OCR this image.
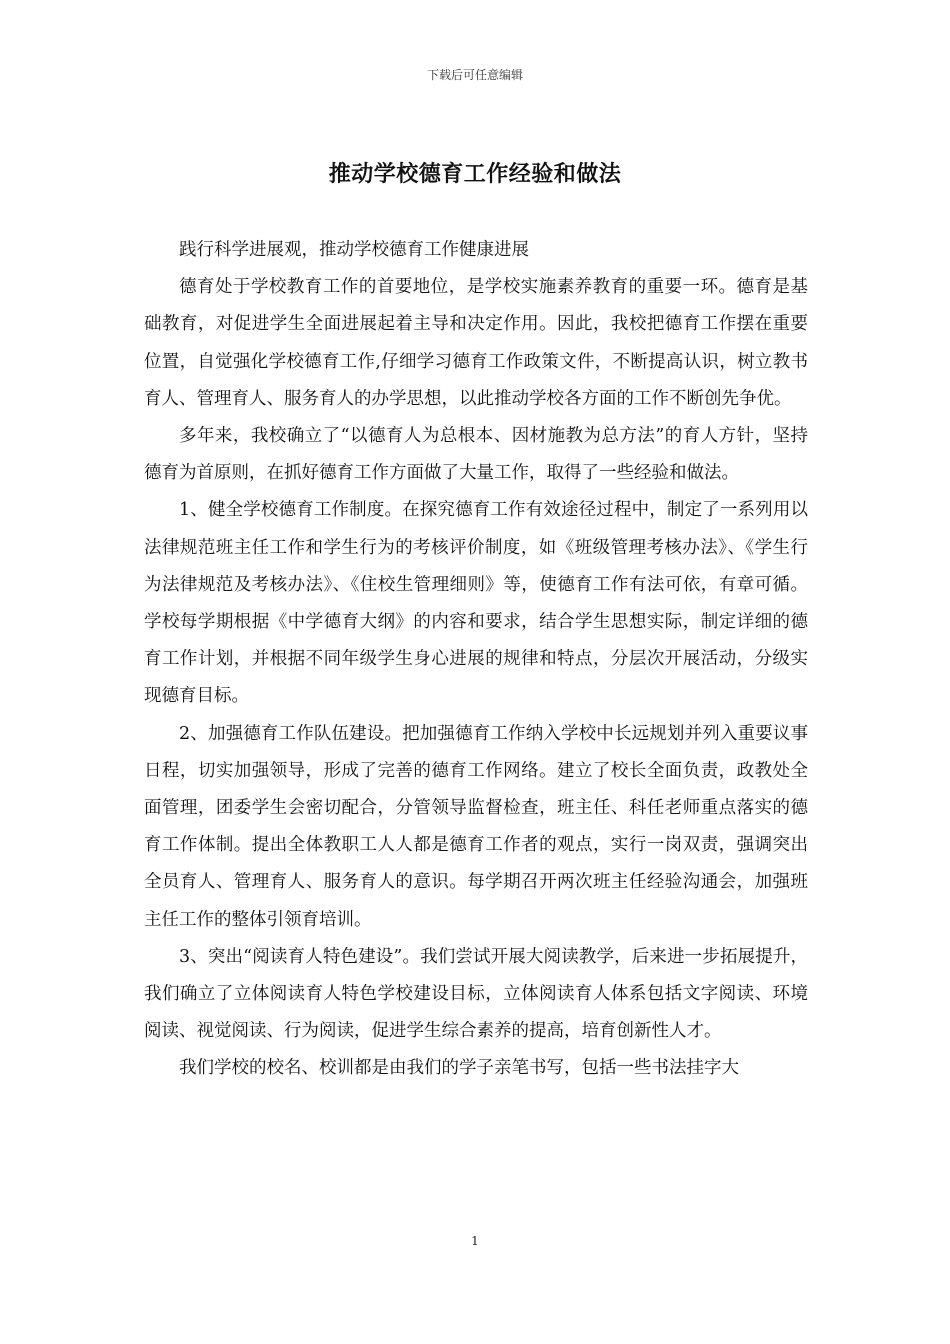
下载后可任意编辑
推动学校德育工作经验和做法

践行科学进展观，推动学校德育工作健康进展

德育处于学校教育工作的首要地位，是学校实施素养教育的重要一环。德育是基础教育，对促进学生全面进展起着主导和决定作用。因此，我校把德育工作摆在重要位置，自觉强化学校德育工作,仔细学习德育工作政策文件，不断提高认识，树立教书育人、管理育人、服务育人的办学思想，以此推动学校各方面的工作不断创先争优。

多年来，我校确立了“以德育人为总根本、因材施教为总方法”的育人方针，坚持德育为首原则，在抓好德育工作方面做了大量工作，取得了一些经验和做法。

1、健全学校德育工作制度。在探究德育工作有效途径过程中，制定了一系列用以法律规范班主任工作和学生行为的考核评价制度，如《班级管理考核办法》、《学生行为法律规范及考核办法》、《住校生管理细则》等，使德育工作有法可依，有章可循。学校每学期根据《中学德育大纲》的内容和要求，结合学生思想实际，制定详细的德育工作计划，并根据不同年级学生身心进展的规律和特点，分层次开展活动，分级实现德育目标。

2、加强德育工作队伍建设。把加强德育工作纳入学校中长远规划并列入重要议事日程，切实加强领导，形成了完善的德育工作网络。建立了校长全面负责，政教处全面管理，团委学生会密切配合，分管领导监督检查，班主任、科任老师重点落实的德育工作体制。提出全体教职工人人都是德育工作者的观点，实行一岗双责，强调突出全员育人、管理育人、服务育人的意识。每学期召开两次班主任经验沟通会，加强班主任工作的整体引领育培训。

3、突出“阅读育人特色建设”。我们尝试开展大阅读教学，后来进一步拓展提升，我们确立了立体阅读育人特色学校建设目标，立体阅读育人体系包括文字阅读、环境阅读、视觉阅读、行为阅读，促进学生综合素养的提高，培育创新性人才。

我们学校的校名、校训都是由我们的学子亲笔书写，包括一些书法挂字大

1
